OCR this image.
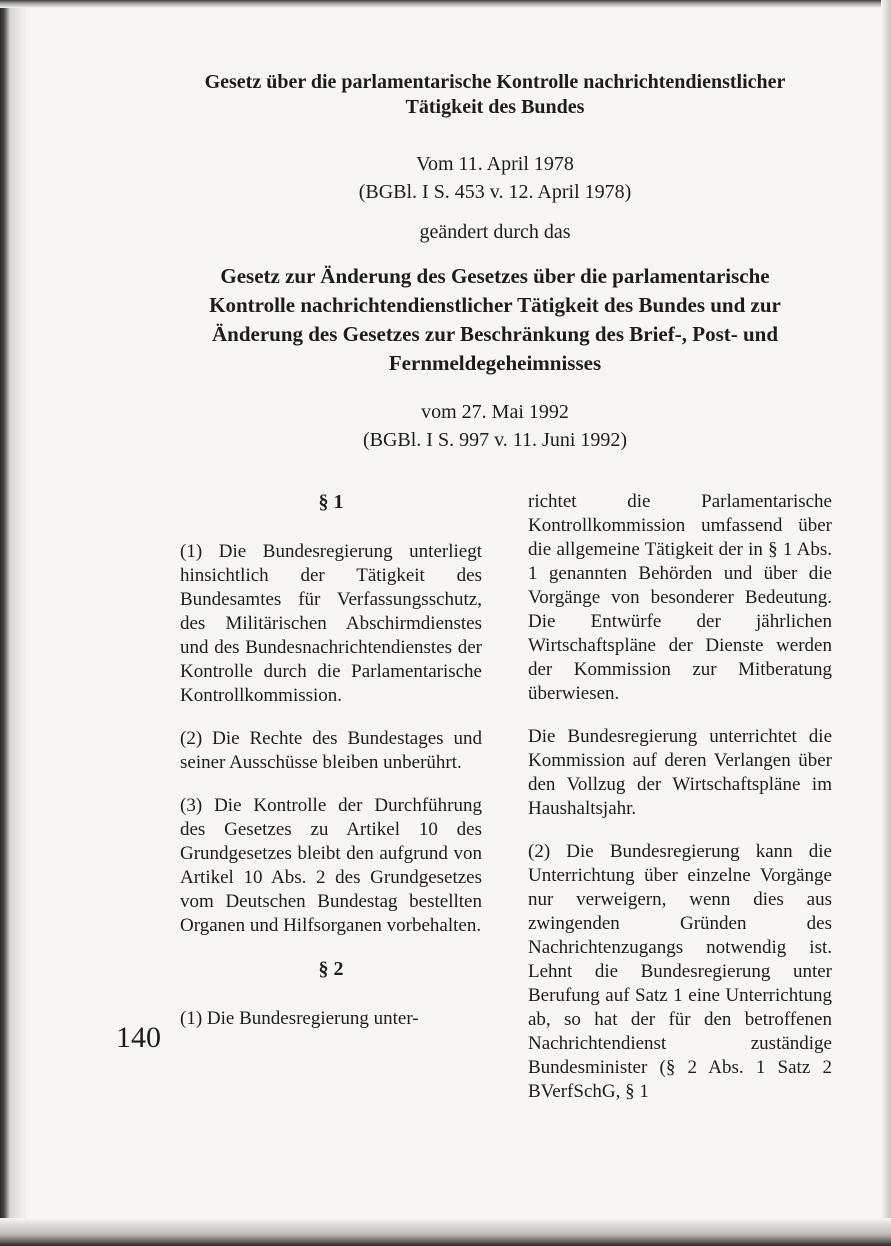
Gesetz über die parlamentarische Kontrolle nachrichtendienstlicher Tätigkeit des Bundes
Vom 11. April 1978
(BGBl. I S. 453 v. 12. April 1978)
geändert durch das
Gesetz zur Änderung des Gesetzes über die parlamentarische Kontrolle nachrichtendienstlicher Tätigkeit des Bundes und zur Änderung des Gesetzes zur Beschränkung des Brief-, Post- und Fernmeldegeheimnisses
vom 27. Mai 1992
(BGBl. I S. 997 v. 11. Juni 1992)

§ 1

(1) Die Bundesregierung unterliegt hinsichtlich der Tätigkeit des Bundesamtes für Verfassungsschutz, des Militärischen Abschirmdienstes und des Bundesnachrichtendienstes der Kontrolle durch die Parlamentarische Kontrollkommission.

(2) Die Rechte des Bundestages und seiner Ausschüsse bleiben unberührt.

(3) Die Kontrolle der Durchführung des Gesetzes zu Artikel 10 des Grundgesetzes bleibt den aufgrund von Artikel 10 Abs. 2 des Grundgesetzes vom Deutschen Bundestag bestellten Organen und Hilfsorganen vorbehalten.

§ 2

(1) Die Bundesregierung unter-

richtet die Parlamentarische Kontrollkommission umfassend über die allgemeine Tätigkeit der in § 1 Abs. 1 genannten Behörden und über die Vorgänge von besonderer Bedeutung. Die Entwürfe der jährlichen Wirtschaftspläne der Dienste werden der Kommission zur Mitberatung überwiesen.

Die Bundesregierung unterrichtet die Kommission auf deren Verlangen über den Vollzug der Wirtschaftspläne im Haushaltsjahr.

(2) Die Bundesregierung kann die Unterrichtung über einzelne Vorgänge nur verweigern, wenn dies aus zwingenden Gründen des Nachrichtenzugangs notwendig ist. Lehnt die Bundesregierung unter Berufung auf Satz 1 eine Unterrichtung ab, so hat der für den betroffenen Nachrichtendienst zuständige Bundesminister (§ 2 Abs. 1 Satz 2 BVerfSchG, § 1

140
